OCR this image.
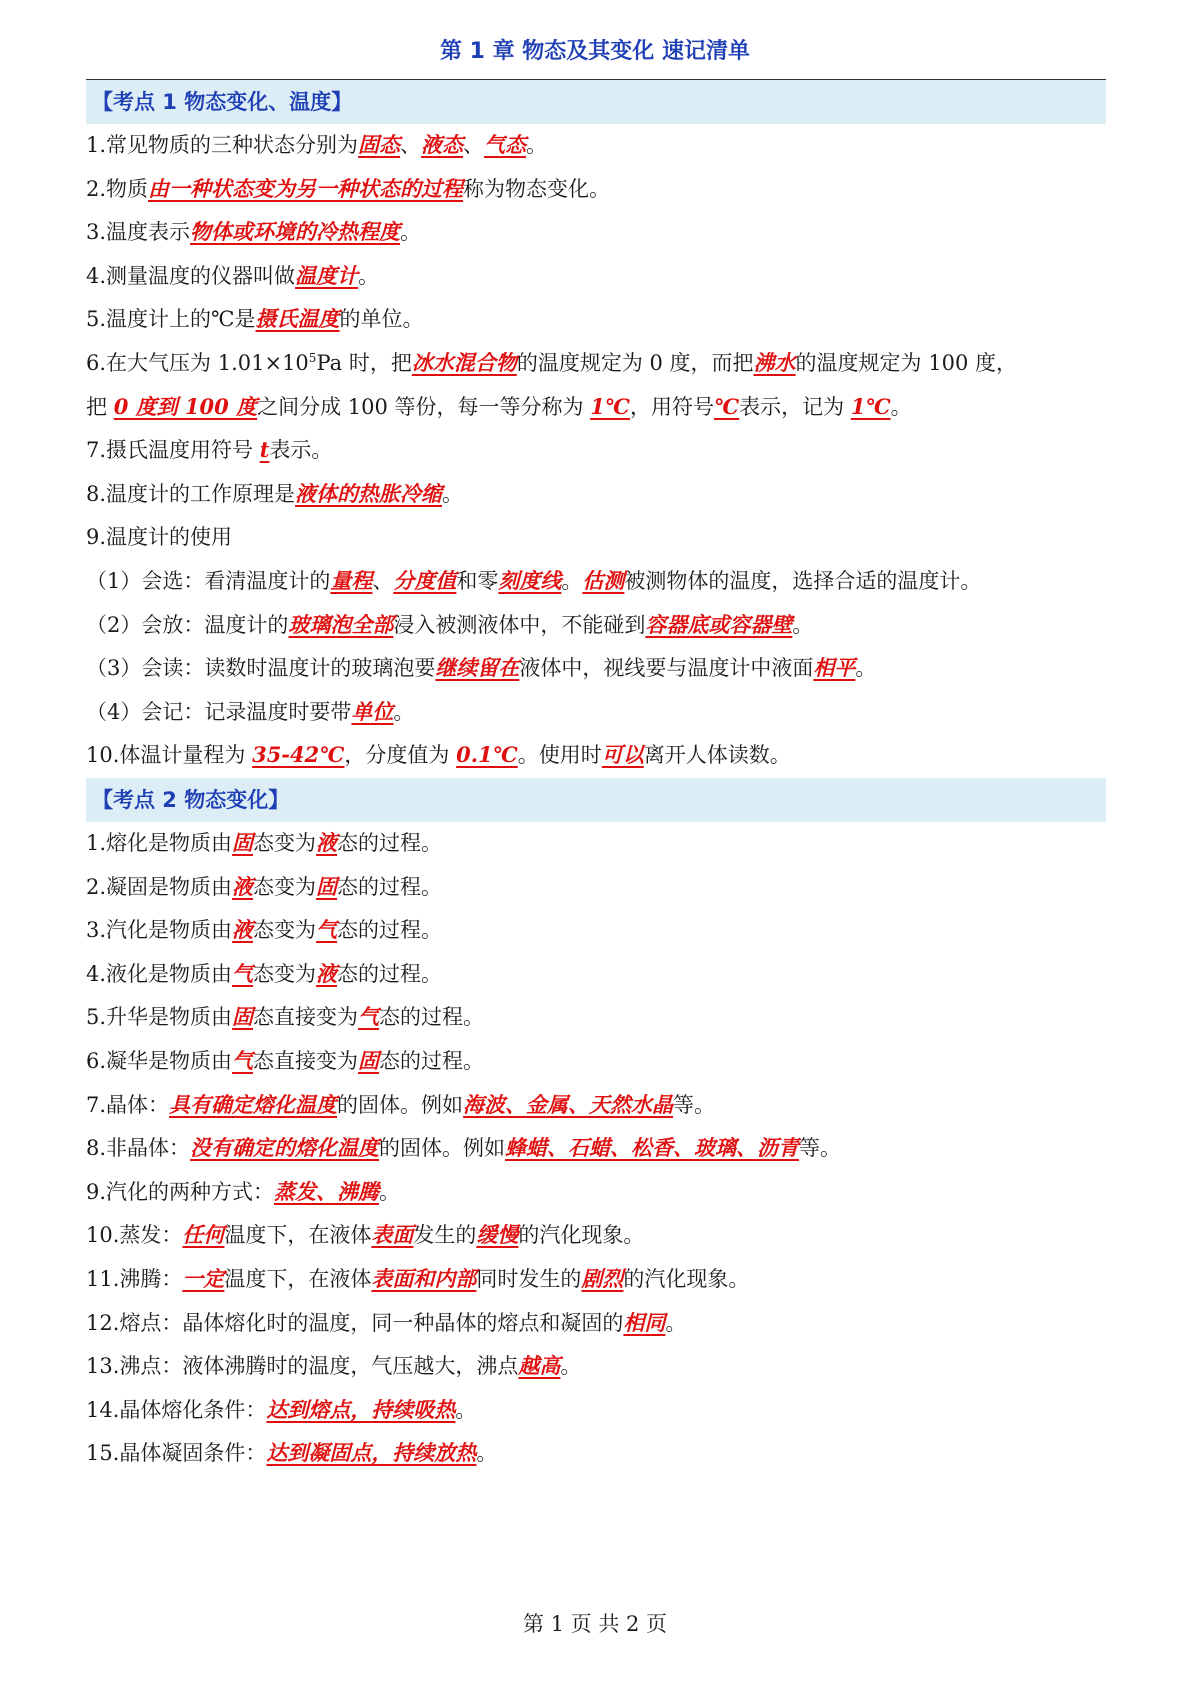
第 1 章 物态及其变化 速记清单
【考点 1 物态变化、温度】
1.常见物质的三种状态分别为固态、液态、气态。
2.物质由一种状态变为另一种状态的过程称为物态变化。
3.温度表示物体或环境的冷热程度。
4.测量温度的仪器叫做温度计。
5.温度计上的℃是摄氏温度的单位。
6.在大气压为 $1.01\times 10^5Pa$ 时，把冰水混合物的温度规定为 0 度，而把沸水的温度规定为 100 度，
把 0 度到 100 度之间分成 100 等份，每一等分称为 1℃，用符号℃表示，记为 1℃。
7.摄氏温度用符号 t表示。
8.温度计的工作原理是液体的热胀冷缩。
9.温度计的使用
（1）会选：看清温度计的量程、分度值和零刻度线。估测被测物体的温度，选择合适的温度计。
（2）会放：温度计的玻璃泡全部浸入被测液体中，不能碰到容器底或容器壁。
（3）会读：读数时温度计的玻璃泡要继续留在液体中，视线要与温度计中液面相平。
（4）会记：记录温度时要带单位。
10.体温计量程为 35-42℃，分度值为 0.1℃。使用时可以离开人体读数。
【考点 2 物态变化】
1.熔化是物质由固态变为液态的过程。
2.凝固是物质由液态变为固态的过程。
3.汽化是物质由液态变为气态的过程。
4.液化是物质由气态变为液态的过程。
5.升华是物质由固态直接变为气态的过程。
6.凝华是物质由气态直接变为固态的过程。
7.晶体：具有确定熔化温度的固体。例如海波、金属、天然水晶等。
8.非晶体：没有确定的熔化温度的固体。例如蜂蜡、石蜡、松香、玻璃、沥青等。
9.汽化的两种方式：蒸发、沸腾。
10.蒸发：任何温度下，在液体表面发生的缓慢的汽化现象。
11.沸腾：一定温度下，在液体表面和内部同时发生的剧烈的汽化现象。
12.熔点：晶体熔化时的温度，同一种晶体的熔点和凝固的相同。
13.沸点：液体沸腾时的温度，气压越大，沸点越高。
14.晶体熔化条件：达到熔点，持续吸热。
15.晶体凝固条件：达到凝固点，持续放热。
第 1 页 共 2 页
